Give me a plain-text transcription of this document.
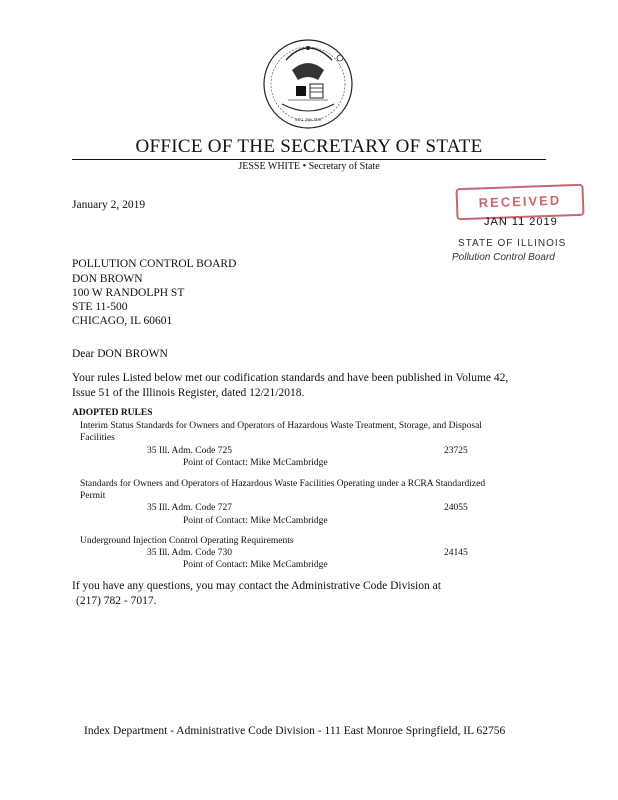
AUG. 26th 1818
OFFICE OF THE SECRETARY OF STATE
JESSE WHITE • Secretary of State
January 2, 2019	RECEIVED
JAN 11 2019
STATE OF ILLINOIS
Pollution Control Board
POLLUTION CONTROL BOARD
DON BROWN
100 W RANDOLPH ST
STE 11-500
CHICAGO, IL 60601
Dear DON BROWN
Your rules Listed below met our codification standards and have been published in Volume 42,
Issue 51 of the Illinois Register, dated 12/21/2018.
ADOPTED RULES
Interim Status Standards for Owners and Operators of Hazardous Waste Treatment, Storage, and Disposal
Facilities
35 Ill. Adm. Code 725	23725
Point of Contact: Mike McCambridge
Standards for Owners and Operators of Hazardous Waste Facilities Operating under a RCRA Standardized
Permit
35 Ill. Adm. Code 727	24055
Point of Contact: Mike McCambridge
Underground Injection Control Operating Requirements
35 Ill. Adm. Code 730	24145
Point of Contact: Mike McCambridge
If you have any questions, you may contact the Administrative Code Division at
(217) 782 - 7017.
Index Department - Administrative Code Division - 111 East Monroe Springfield, IL 62756
